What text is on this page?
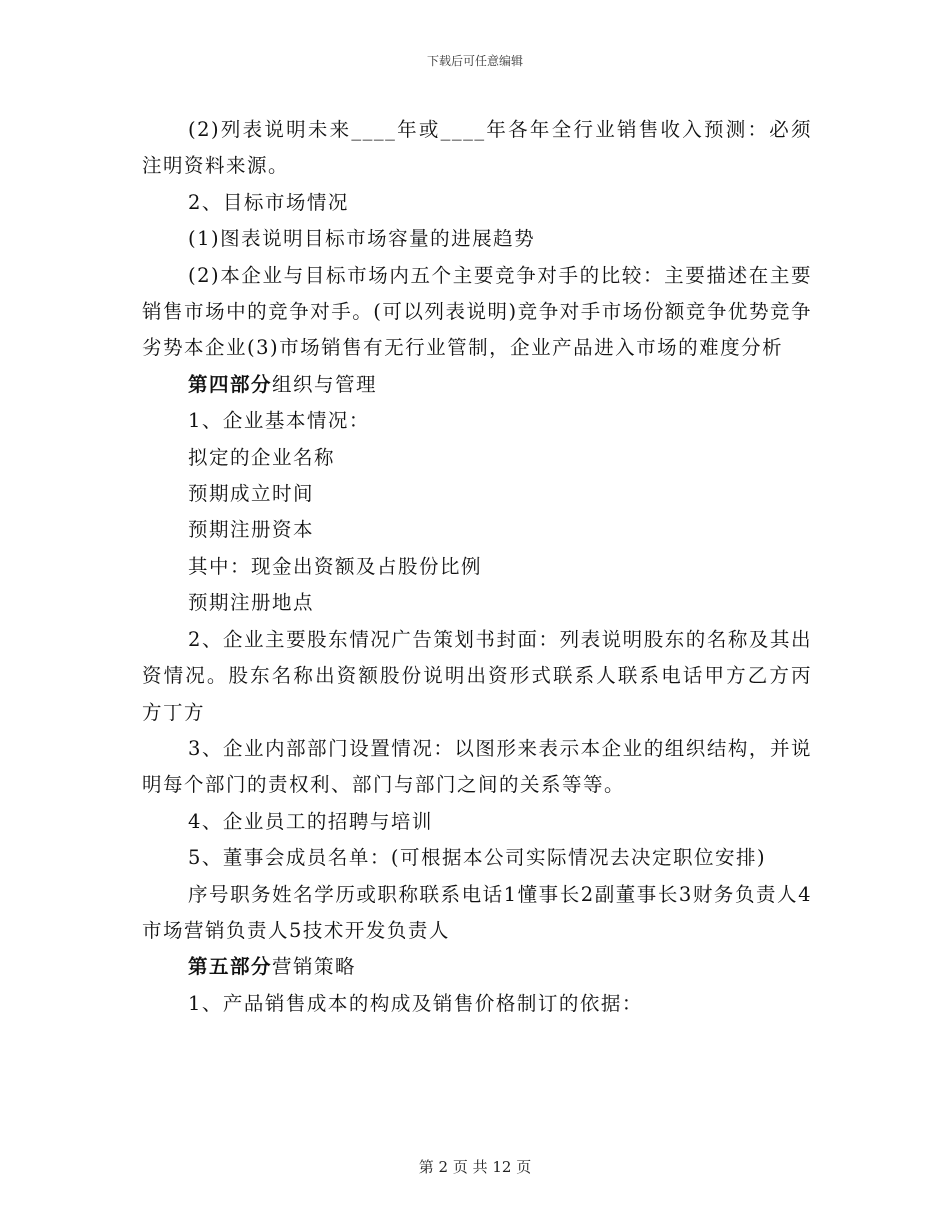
下载后可任意编辑

(2)列表说明未来____年或____年各年全行业销售收入预测：必须注明资料来源。

2、目标市场情况

(1)图表说明目标市场容量的进展趋势

(2)本企业与目标市场内五个主要竞争对手的比较：主要描述在主要销售市场中的竞争对手。(可以列表说明)竞争对手市场份额竞争优势竞争劣势本企业(3)市场销售有无行业管制，企业产品进入市场的难度分析

第四部分组织与管理

1、企业基本情况：

拟定的企业名称

预期成立时间

预期注册资本

其中：现金出资额及占股份比例

预期注册地点

2、企业主要股东情况广告策划书封面：列表说明股东的名称及其出资情况。股东名称出资额股份说明出资形式联系人联系电话甲方乙方丙方丁方

3、企业内部部门设置情况：以图形来表示本企业的组织结构，并说明每个部门的责权利、部门与部门之间的关系等等。

4、企业员工的招聘与培训

5、董事会成员名单：(可根据本公司实际情况去决定职位安排)

序号职务姓名学历或职称联系电话1懂事长2副董事长3财务负责人4市场营销负责人5技术开发负责人

第五部分营销策略

1、产品销售成本的构成及销售价格制订的依据：

第 2 页 共 12 页
